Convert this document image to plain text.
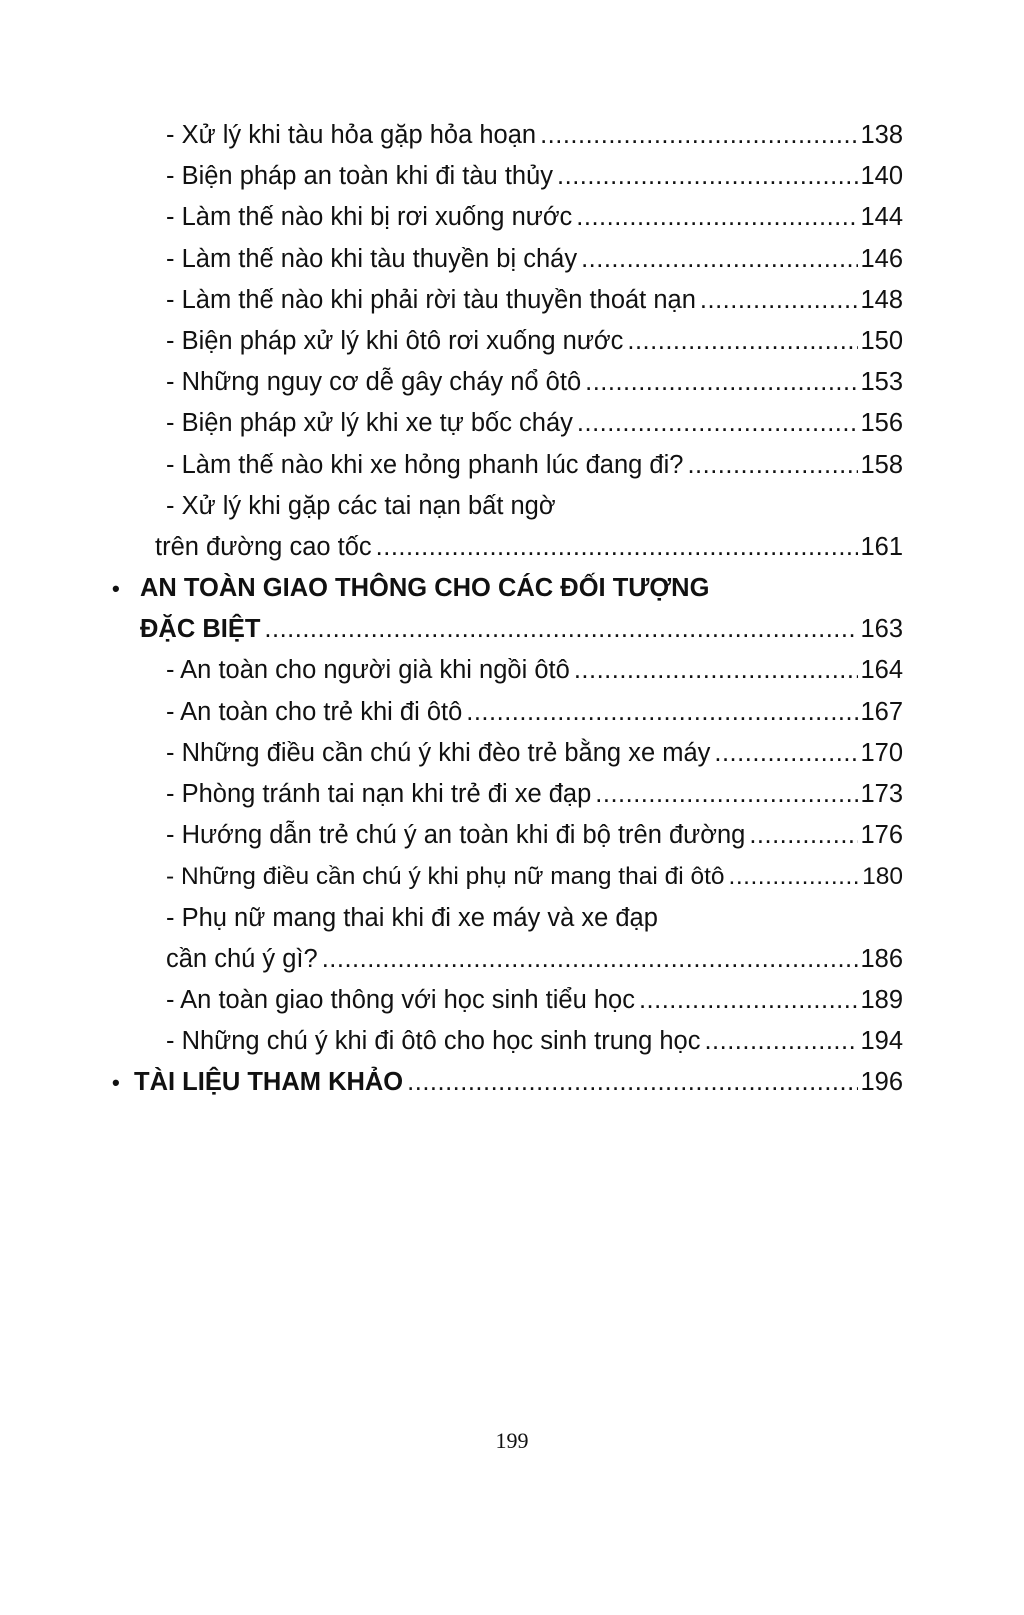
- Xử lý khi tàu hỏa gặp hỏa hoạn .....	138
- Biện pháp an toàn khi đi tàu thủy .....	140
- Làm thế nào khi bị rơi xuống nước .....	144
- Làm thế nào khi tàu thuyền bị cháy .....	146
- Làm thế nào khi phải rời tàu thuyền thoát nạn .....	148
- Biện pháp xử lý khi ôtô rơi xuống nước .....	150
- Những nguy cơ dễ gây cháy nổ ôtô .....	153
- Biện pháp xử lý khi xe tự bốc cháy .....	156
- Làm thế nào khi xe hỏng phanh lúc đang đi? .....	158
- Xử lý khi gặp các tai nạn bất ngờ
trên đường cao tốc .....	161
• AN TOÀN GIAO THÔNG CHO CÁC ĐỐI TƯỢNG
ĐẶC BIỆT .....	163
- An toàn cho người già khi ngồi ôtô .....	164
- An toàn cho trẻ khi đi ôtô .....	167
- Những điều cần chú ý khi đèo trẻ bằng xe máy .....	170
- Phòng tránh tai nạn khi trẻ đi xe đạp .....	173
- Hướng dẫn trẻ chú ý an toàn khi đi bộ trên đường .....	176
- Những điều cần chú ý khi phụ nữ mang thai đi ôtô .....	180
- Phụ nữ mang thai khi đi xe máy và xe đạp
cần chú ý gì? .....	186
- An toàn giao thông với học sinh tiểu học .....	189
- Những chú ý khi đi ôtô cho học sinh trung học .....	194
• TÀI LIỆU THAM KHẢO .....	196
199
